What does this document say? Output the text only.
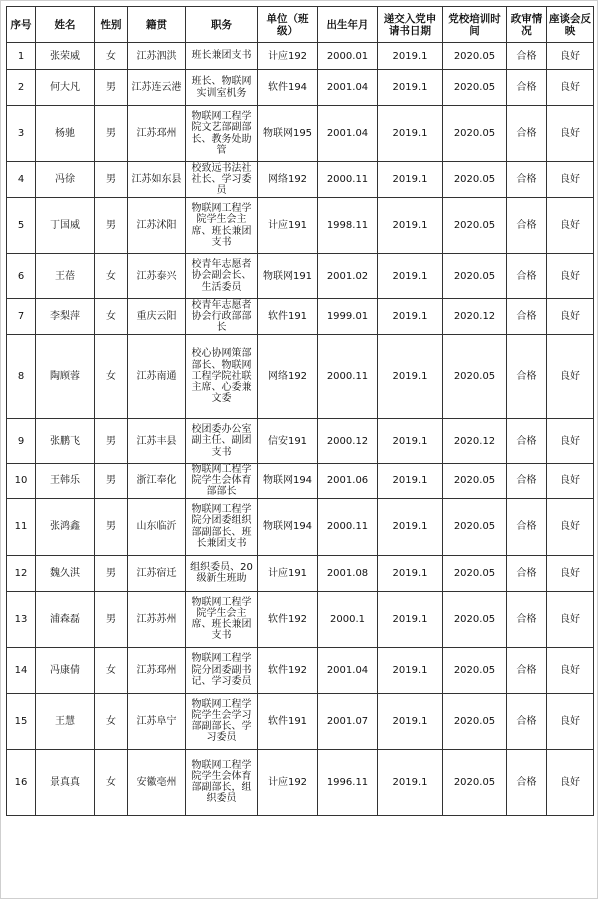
序号	姓名	性别	籍贯	职务	单位（班级）	出生年月	递交入党申请书日期	党校培训时间	政审情况	座谈会反映
1	张荣威	女	江苏泗洪	班长兼团支书	计应192	2000.01	2019.1	2020.05	合格	良好
2	何大凡	男	江苏连云港	班长、物联网实训室机务	软件194	2001.04	2019.1	2020.05	合格	良好
3	杨驰	男	江苏邳州	物联网工程学院文艺部副部长、教务处助管	物联网195	2001.04	2019.1	2020.05	合格	良好
4	冯徐	男	江苏如东县	校致远书法社社长、学习委员	网络192	2000.11	2019.1	2020.05	合格	良好
5	丁国威	男	江苏沭阳	物联网工程学院学生会主席、班长兼团支书	计应191	1998.11	2019.1	2020.05	合格	良好
6	王蓓	女	江苏泰兴	校青年志愿者协会副会长、生活委员	物联网191	2001.02	2019.1	2020.05	合格	良好
7	李梨萍	女	重庆云阳	校青年志愿者协会行政部部长	软件191	1999.01	2019.1	2020.12	合格	良好
8	陶顾蓉	女	江苏南通	校心协网策部部长、物联网工程学院社联主席、心委兼文委	网络192	2000.11	2019.1	2020.05	合格	良好
9	张鹏飞	男	江苏丰县	校团委办公室副主任、副团支书	信安191	2000.12	2019.1	2020.12	合格	良好
10	王韩乐	男	浙江奉化	物联网工程学院学生会体育部部长	物联网194	2001.06	2019.1	2020.05	合格	良好
11	张鸿鑫	男	山东临沂	物联网工程学院分团委组织部副部长、班长兼团支书	物联网194	2000.11	2019.1	2020.05	合格	良好
12	魏久淇	男	江苏宿迁	组织委员、20级新生班助	计应191	2001.08	2019.1	2020.05	合格	良好
13	浦森磊	男	江苏苏州	物联网工程学院学生会主席、班长兼团支书	软件192	2000.1	2019.1	2020.05	合格	良好
14	冯康倩	女	江苏邳州	物联网工程学院分团委副书记、学习委员	软件192	2001.04	2019.1	2020.05	合格	良好
15	王慧	女	江苏阜宁	物联网工程学院学生会学习部副部长、学习委员	软件191	2001.07	2019.1	2020.05	合格	良好
16	景真真	女	安徽亳州	物联网工程学院学生会体育部副部长，组织委员	计应192	1996.11	2019.1	2020.05	合格	良好
